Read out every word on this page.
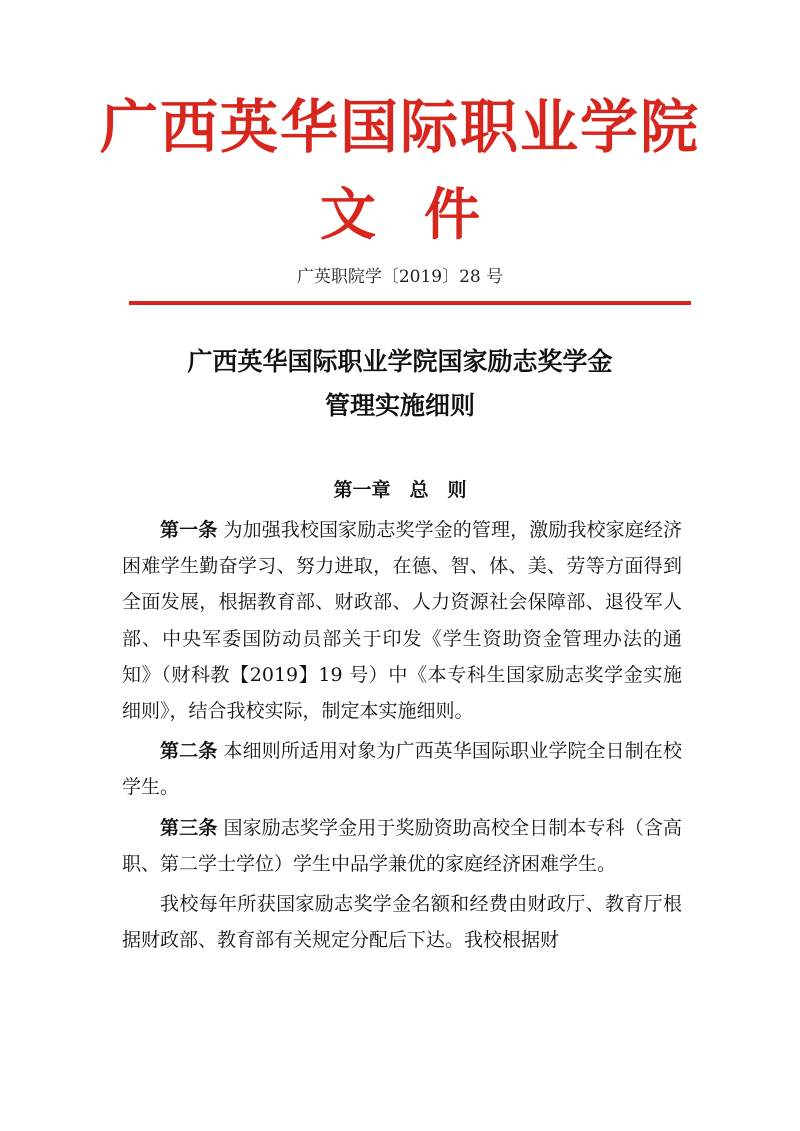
广西英华国际职业学院
文件
广英职院学〔2019〕28 号
广西英华国际职业学院国家励志奖学金
管理实施细则
第一章　总　则

第一条 为加强我校国家励志奖学金的管理，激励我校家庭经济困难学生勤奋学习、努力进取，在德、智、体、美、劳等方面得到全面发展，根据教育部、财政部、人力资源社会保障部、退役军人部、中央军委国防动员部关于印发《学生资助资金管理办法的通知》（财科教【2019】19 号）中《本专科生国家励志奖学金实施细则》，结合我校实际，制定本实施细则。

第二条 本细则所适用对象为广西英华国际职业学院全日制在校学生。

第三条 国家励志奖学金用于奖励资助高校全日制本专科（含高职、第二学士学位）学生中品学兼优的家庭经济困难学生。

我校每年所获国家励志奖学金名额和经费由财政厅、教育厅根据财政部、教育部有关规定分配后下达。我校根据财
